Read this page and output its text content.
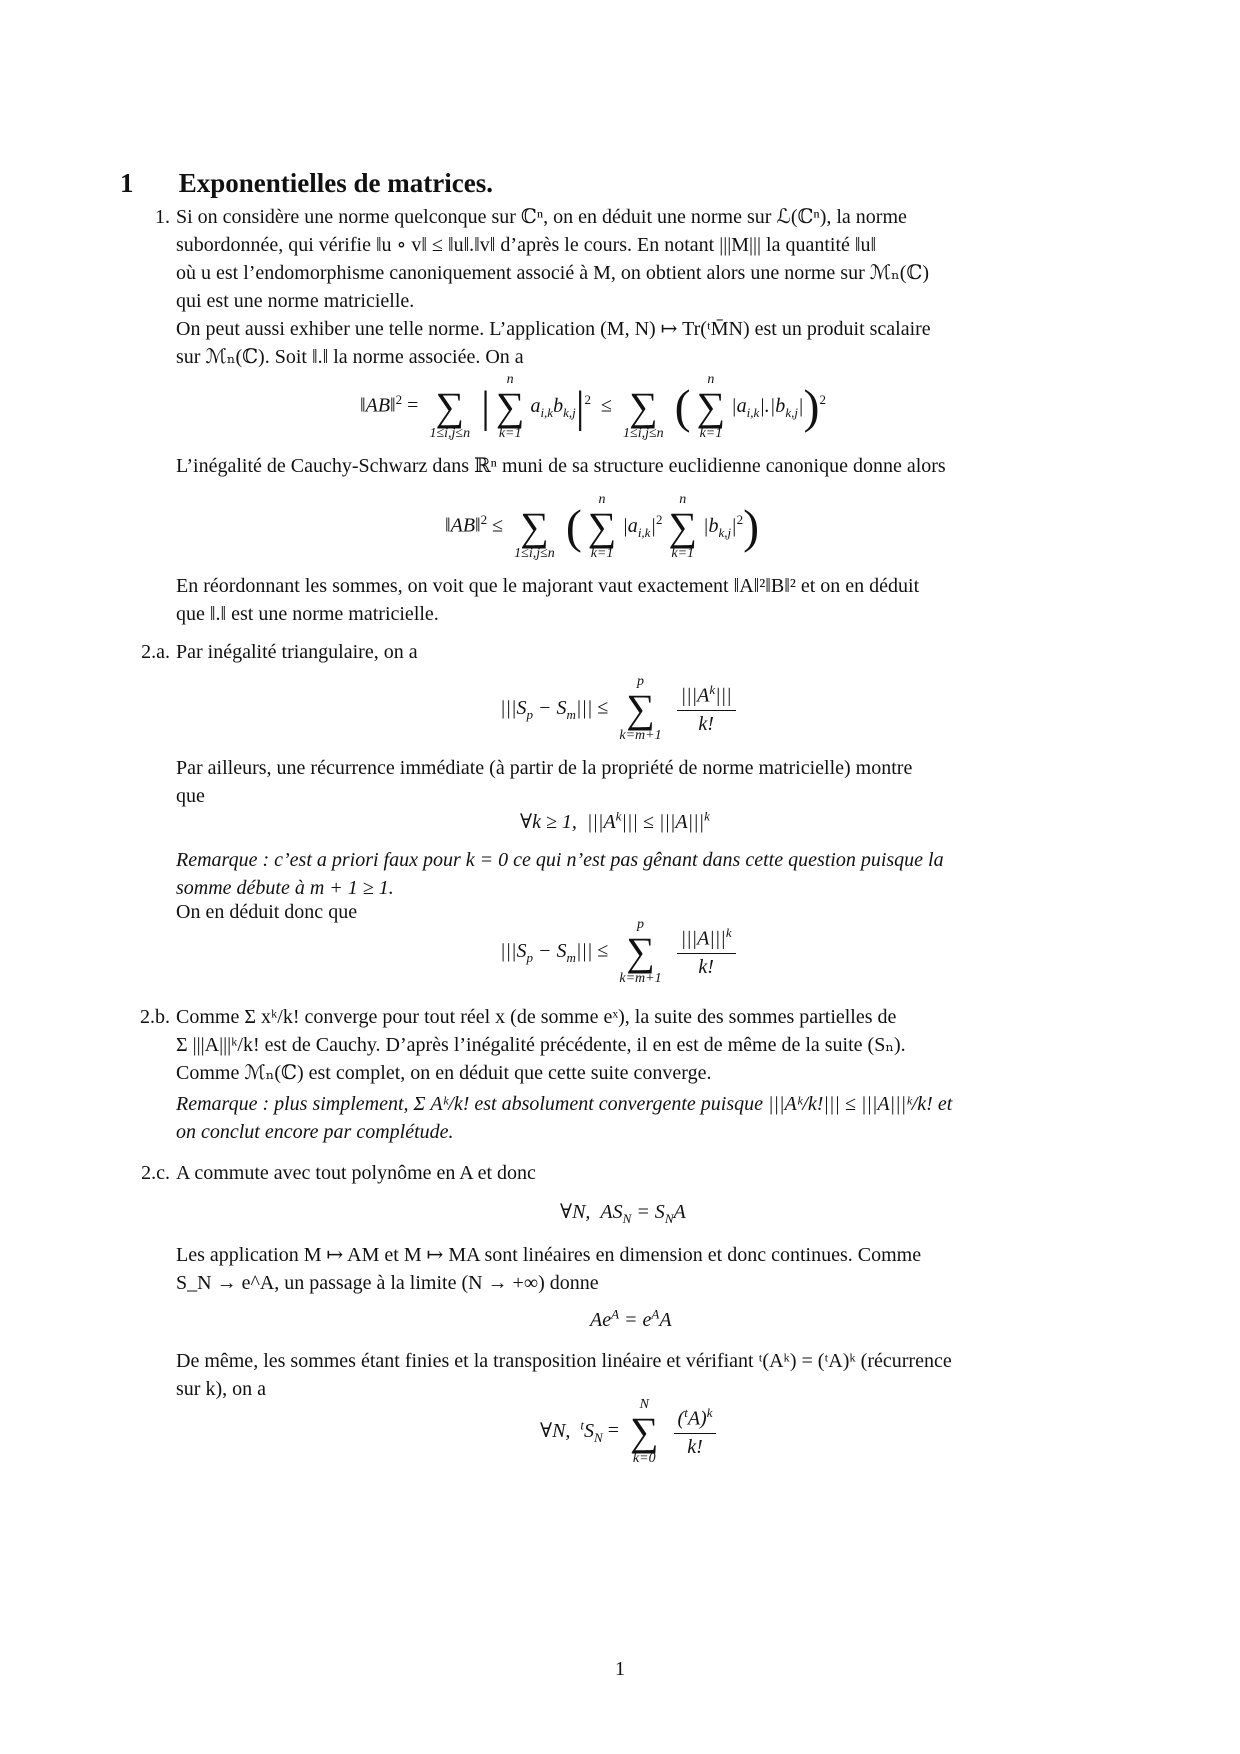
1 Exponentielles de matrices.
1. Si on considère une norme quelconque sur ℂⁿ, on en déduit une norme sur ℒ(ℂⁿ), la norme
subordonnée, qui vérifie ‖u ∘ v‖ ≤ ‖u‖.‖v‖ d’après le cours. En notant |||M||| la quantité ‖u‖
où u est l’endomorphisme canoniquement associé à M, on obtient alors une norme sur ℳₙ(ℂ)
qui est une norme matricielle.
On peut aussi exhiber une telle norme. L’application (M, N) ↦ Tr(ᵗM̄N) est un produit scalaire
sur ℳₙ(ℂ). Soit ‖.‖ la norme associée. On a
‖AB‖$^2$ =
∑
1≤i,j≤n
|
n
∑
k=1
$a_{i,k}b_{k,j}|^2$  ≤
∑
1≤i,j≤n (
n
∑
k=1
$|a_{i,k}|.|b_{k,j}|)^2$
L’inégalité de Cauchy-Schwarz dans ℝⁿ muni de sa structure euclidienne canonique donne alors
‖AB‖$^2$ ≤
∑
1≤i,j≤n (
n
∑
k=1
$|a_{i,k}|^2$
n
∑
k=1
$|b_{k,j}|^2$)
En réordonnant les sommes, on voit que le majorant vaut exactement ‖A‖²‖B‖² et on en déduit
que ‖.‖ est une norme matricielle.
2.a. Par inégalité triangulaire, on a
$|||S_p - S_m|||$ ≤
p
∑
k=m+1
$\frac{|||A^k|||}{k!}$
Par ailleurs, une récurrence immédiate (à partir de la propriété de norme matricielle) montre
que
∀k ≥ 1,  $|||A^k||| \le |||A|||^k$
Remarque : c’est a priori faux pour k = 0 ce qui n’est pas gênant dans cette question puisque la
somme débute à m + 1 ≥ 1.
On en déduit donc que
$|||S_p - S_m|||$ ≤
p
∑
k=m+1
$\frac{|||A|||^k}{k!}$
2.b. Comme Σ xᵏ/k! converge pour tout réel x (de somme eˣ), la suite des sommes partielles de
Σ |||A|||ᵏ/k! est de Cauchy. D’après l’inégalité précédente, il en est de même de la suite (Sₙ).
Comme ℳₙ(ℂ) est complet, on en déduit que cette suite converge.
Remarque : plus simplement, Σ Aᵏ/k! est absolument convergente puisque |||Aᵏ/k!||| ≤ |||A|||ᵏ/k! et
on conclut encore par complétude.
2.c. A commute avec tout polynôme en A et donc
∀N,  $AS_N = S_NA$
Les application M ↦ AM et M ↦ MA sont linéaires en dimension et donc continues. Comme
S_N → e^A, un passage à la limite (N → +∞) donne
$Ae^A = e^AA$
De même, les sommes étant finies et la transposition linéaire et vérifiant ᵗ(Aᵏ) = (ᵗA)ᵏ (récurrence
sur k), on a
∀N,  $^tS_N$ =
N
∑
k=0
$\frac{(^tA)^k}{k!}$
1
